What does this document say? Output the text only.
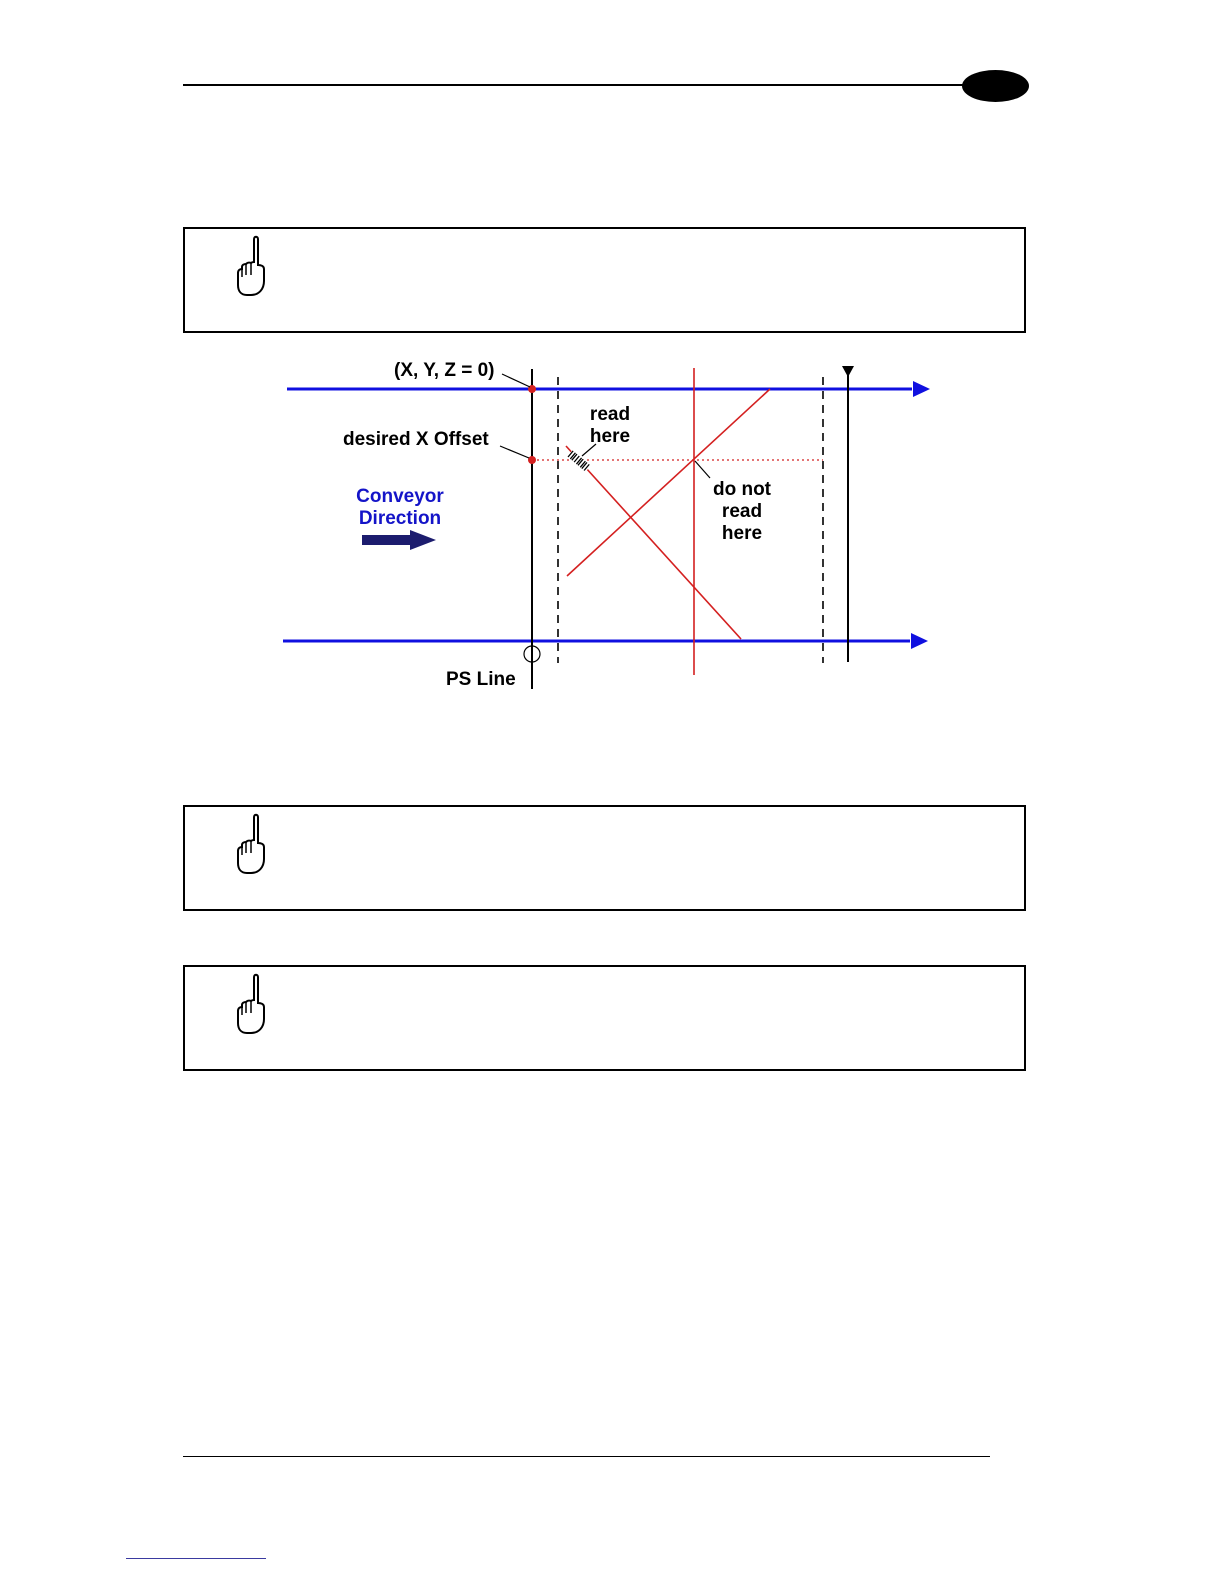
(X, Y, Z = 0)
desired X Offset
read
here
do not
read
here
Conveyor
Direction
PS Line
